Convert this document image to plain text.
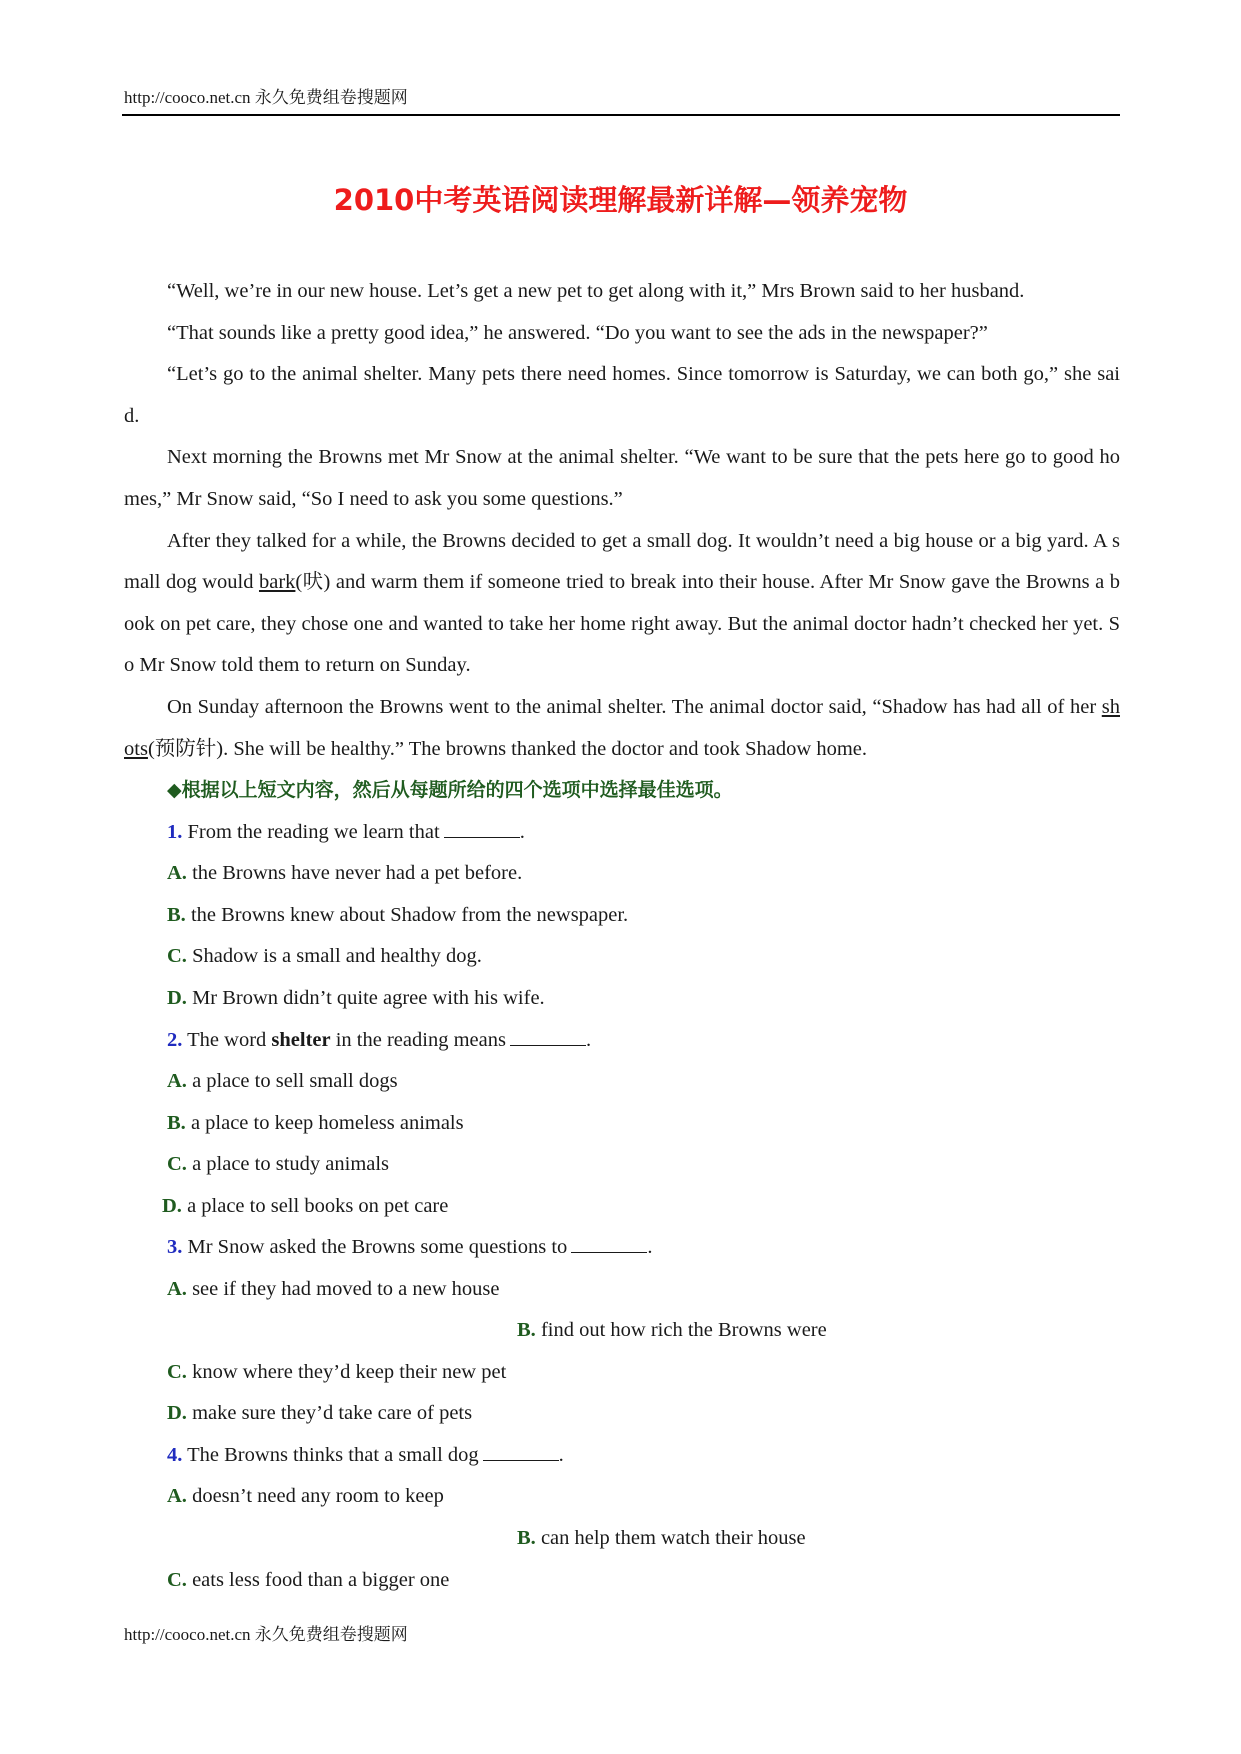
http://cooco.net.cn 永久免费组卷搜题网
2010中考英语阅读理解最新详解—领养宠物

“Well, we’re in our new house. Let’s get a new pet to get along with it,” Mrs Brown said to her husband.

“That sounds like a pretty good idea,” he answered. “Do you want to see the ads in the newspaper?”

“Let’s go to the animal shelter. Many pets there need homes. Since tomorrow is Saturday, we can both go,” she said.

Next morning the Browns met Mr Snow at the animal shelter. “We want to be sure that the pets here go to good homes,” Mr Snow said, “So I need to ask you some questions.”

After they talked for a while, the Browns decided to get a small dog. It wouldn’t need a big house or a big yard. A small dog would bark(吠) and warm them if someone tried to break into their house. After Mr Snow gave the Browns a book on pet care, they chose one and wanted to take her home right away. But the animal doctor hadn’t checked her yet. So Mr Snow told them to return on Sunday.

On Sunday afternoon the Browns went to the animal shelter. The animal doctor said, “Shadow has had all of her shots(预防针). She will be healthy.” The browns thanked the doctor and took Shadow home.

◆根据以上短文内容，然后从每题所给的四个选项中选择最佳选项。
1. From the reading we learn that	.
A. the Browns have never had a pet before.
B. the Browns knew about Shadow from the newspaper.
C. Shadow is a small and healthy dog.
D. Mr Brown didn’t quite agree with his wife.
2. The word shelter in the reading means	.
A. a place to sell small dogs
B. a place to keep homeless animals
C. a place to study animals
D. a place to sell books on pet care
3. Mr Snow asked the Browns some questions to	.
A. see if they had moved to a new house
B. find out how rich the Browns were
C. know where they’d keep their new pet
D. make sure they’d take care of pets
4. The Browns thinks that a small dog	.
A. doesn’t need any room to keep
B. can help them watch their house
C. eats less food than a bigger one
http://cooco.net.cn 永久免费组卷搜题网
